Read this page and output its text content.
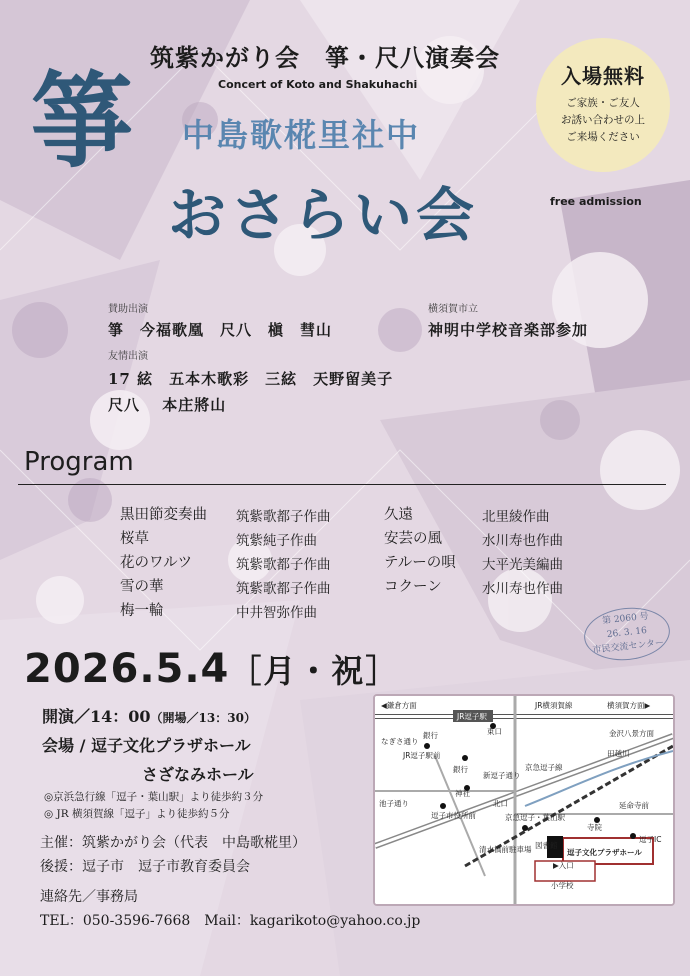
筑紫かがり会　箏・尺八演奏会
Concert of Koto and Shakuhachi
箏 中島歌椛里社中
おさらい会	free admission
入場無料
ご家族・ご友人
お誘い合わせの上
ご来場ください
賛助出演
箏　今福歌凰　尺八　槇　彗山
友情出演
17 絃　五本木歌彩　三絃　天野留美子
尺八　 本庄將山
横須賀市立
神明中学校音楽部参加
Program
黒田節変奏曲 筑紫歌都子作曲
桜草	筑紫純子作曲
花のワルツ	筑紫歌都子作曲
雪の華	筑紫歌都子作曲
梅一輪	中井智弥作曲
久遠	北里綾作曲
安芸の風	水川寿也作曲
テルーの唄 大平光美編曲
コクーン	水川寿也作曲
第 2060 号
26. 3. 16
市民交流センター
2026.5.4［月・祝］
開演／14：00（開場／13：30）
会場 / 逗子文化プラザホール
さざなみホール
◎京浜急行線「逗子・葉山駅」より徒歩約３分
◎ JR 横須賀線「逗子」より徒歩約５分
主催：筑紫かがり会（代表　中島歌椛里）
後援：逗子市　逗子市教育委員会
連絡先／事務局
TEL：050-3596-7668　Mail：kagarikoto@yahoo.co.jp
◀鎌倉方面	JR横須賀線	横須賀方面▶
JR逗子駅
東口
なぎさ通り
銀行
JR逗子駅前
新逗子通り
京急逗子線
田越川
金沢八景方面
銀行
神社
池子通り
逗子市役所前
北口
寺院
延命寺前
逗子IC
京急逗子・葉山駅
清水橋前駐車場 図書館
▶入口
逗子文化プラザホール
小学校
